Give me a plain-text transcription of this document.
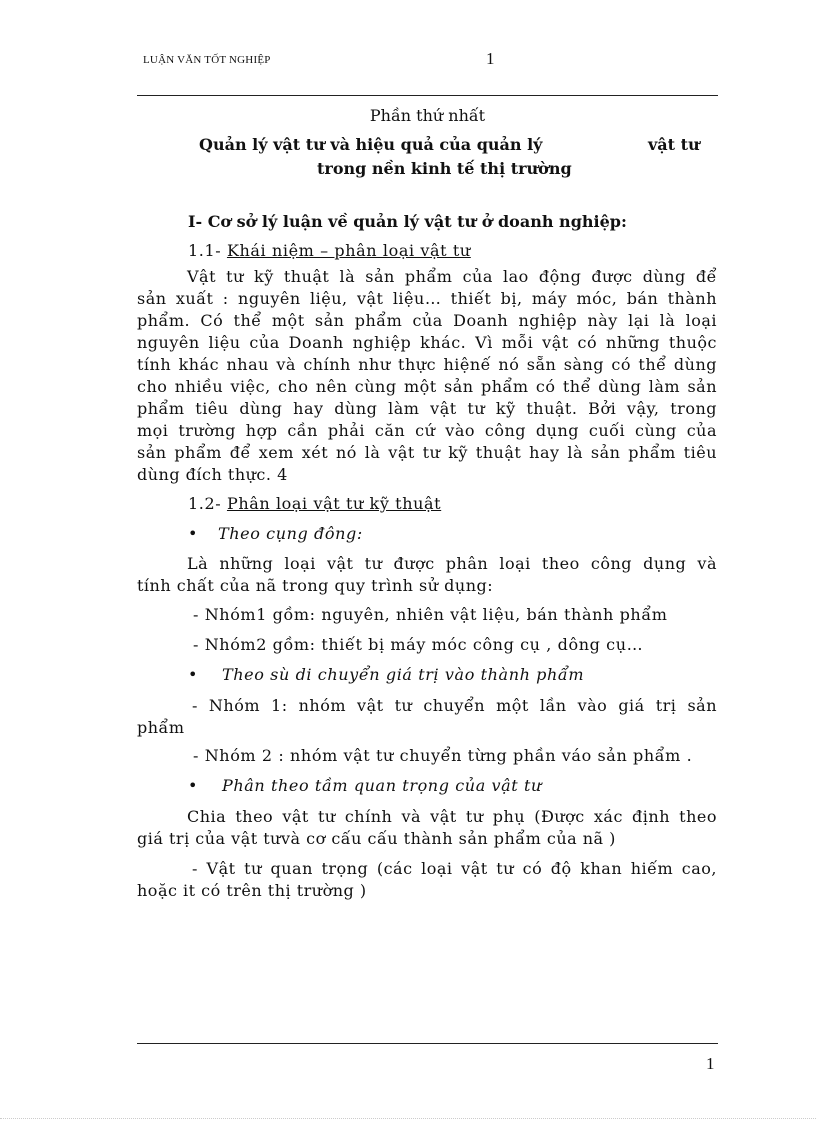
LUẬN VĂN TỐT NGHIỆP	1
Phần thứ nhất
Quản lý vật tư và hiệu quả của quản lý	vật tư
trong nền kinh tế thị trường
I- Cơ sở lý luận về quản lý vật tư ở doanh nghiệp:
1.1- Khái niệm – phân loại vật tư
Vật tư kỹ thuật là sản phẩm của lao động được dùng để
sản xuất : nguyên liệu, vật liệu… thiết bị, máy móc, bán thành
phẩm. Có thể một sản phẩm của Doanh nghiệp này lại là loại
nguyên liệu của Doanh nghiệp khác. Vì mỗi vật có những thuộc
tính khác nhau và chính như thực hiệnế nó sẵn sàng có thể dùng
cho nhiều việc, cho nên cùng một sản phẩm có thể dùng làm sản
phẩm tiêu dùng hay dùng làm vật tư kỹ thuật. Bởi vậy, trong
mọi trường hợp cần phải căn cứ vào công dụng cuối cùng của
sản phẩm để xem xét nó là vật tư kỹ thuật hay là sản phẩm tiêu
dùng đích thực. 4
1.2- Phân loại vật tư kỹ thuật
• Theo cụng đông:
Là những loại vật tư được phân loại theo công dụng và
tính chất của nã trong quy trình sử dụng:
- Nhóm1 gồm: nguyên, nhiên vật liệu, bán thành phẩm
- Nhóm2 gồm: thiết bị máy móc công cụ , dông cụ…
• Theo sù di chuyển giá trị vào thành phẩm
- Nhóm 1: nhóm vật tư chuyển một lần vào giá trị sản
phẩm
- Nhóm 2 : nhóm vật tư chuyển từng phần váo sản phẩm .
• Phân theo tầm quan trọng của vật tư
Chia theo vật tư chính và vật tư phụ (Được xác định theo
giá trị của vật tưvà cơ cấu cấu thành sản phẩm của nã )
- Vật tư quan trọng (các loại vật tư có độ khan hiếm cao,
hoặc it có trên thị trường )
1
